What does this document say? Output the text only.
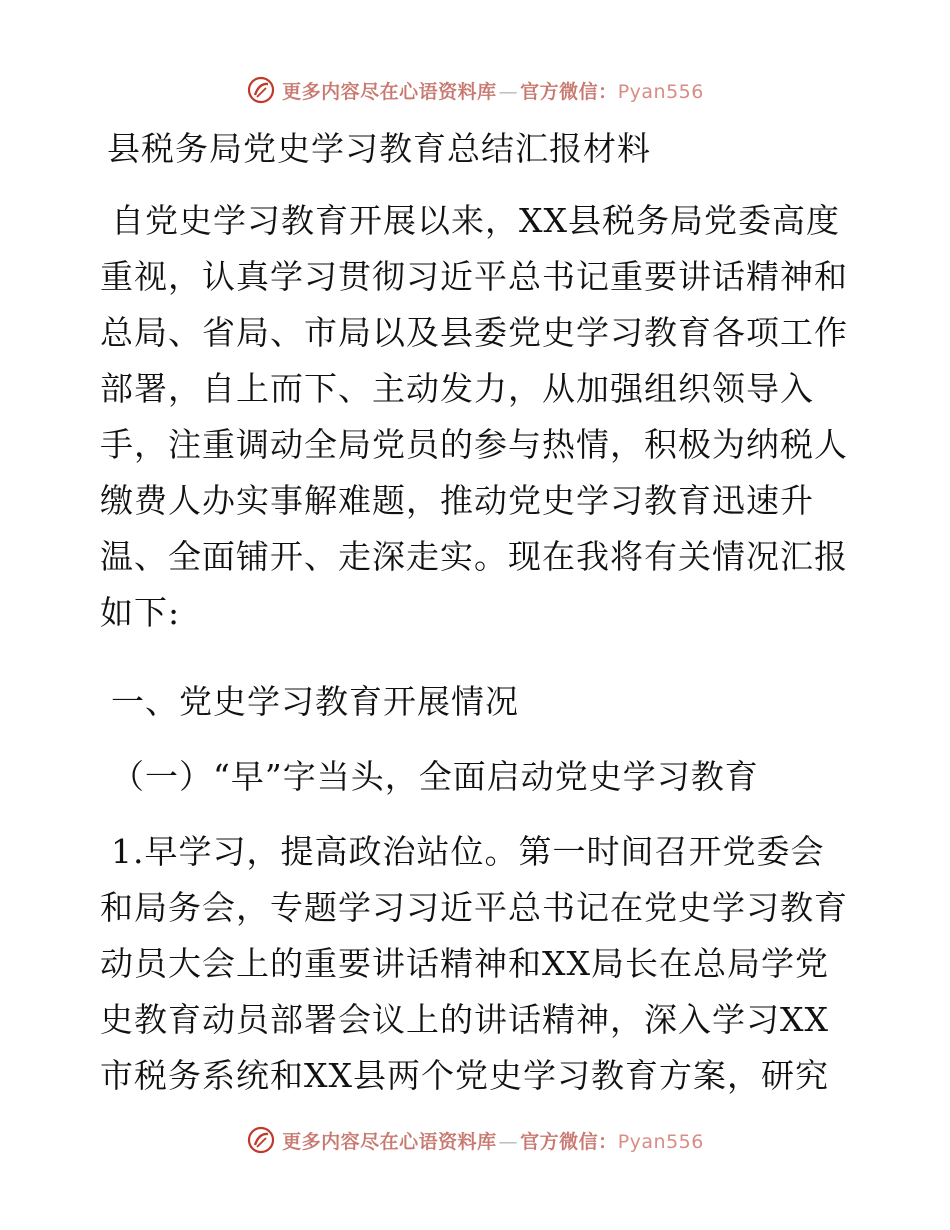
更多内容尽在心语资料库 — 官方微信：Pyan556
县税务局党史学习教育总结汇报材料
自党史学习教育开展以来，XX县税务局党委高度
重视，认真学习贯彻习近平总书记重要讲话精神和
总局、省局、市局以及县委党史学习教育各项工作
部署，自上而下、主动发力，从加强组织领导入
手，注重调动全局党员的参与热情，积极为纳税人
缴费人办实事解难题，推动党史学习教育迅速升
温、全面铺开、走深走实。现在我将有关情况汇报
如下:
一、党史学习教育开展情况
（一）“早”字当头，全面启动党史学习教育
1.早学习，提高政治站位。第一时间召开党委会
和局务会，专题学习习近平总书记在党史学习教育
动员大会上的重要讲话精神和XX局长在总局学党
史教育动员部署会议上的讲话精神，深入学习XX
市税务系统和XX县两个党史学习教育方案，研究
更多内容尽在心语资料库 — 官方微信：Pyan556
